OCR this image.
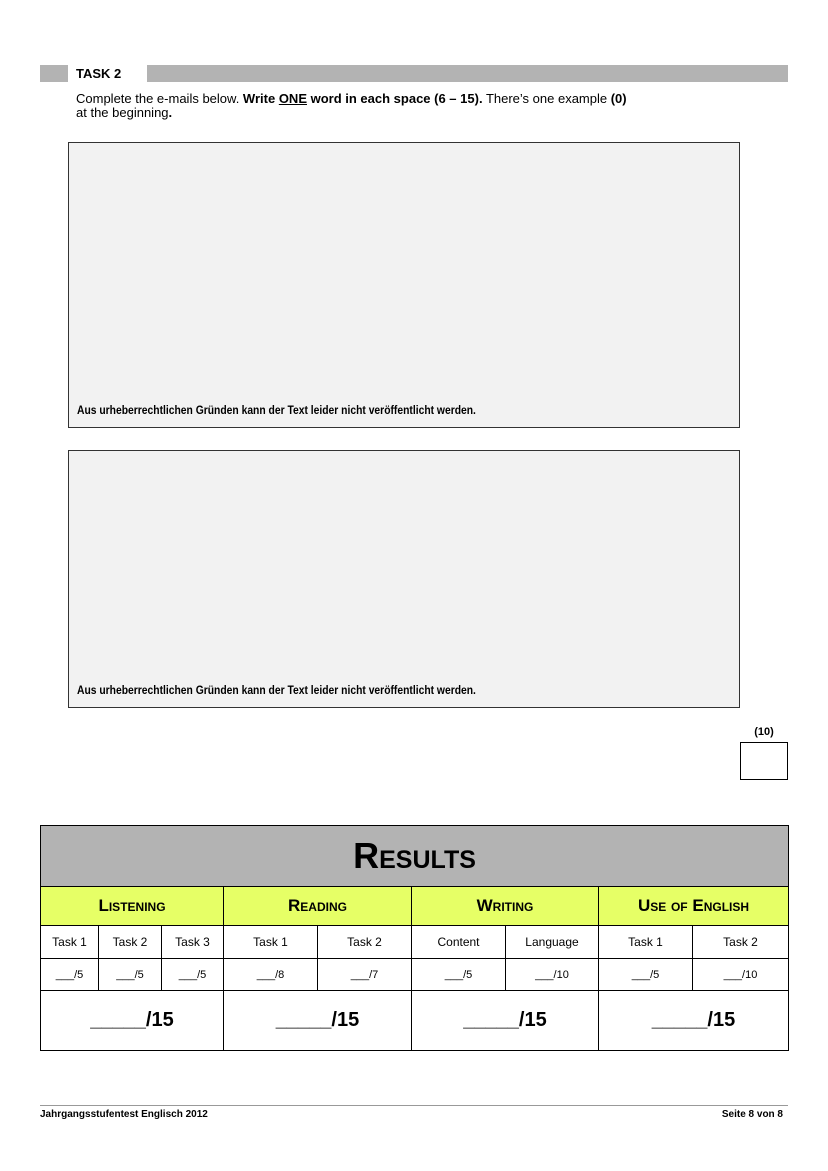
TASK 2
Complete the e-mails below. Write ONE word in each space (6 – 15). There’s one example (0)
at the beginning.
Aus urheberrechtlichen Gründen kann der Text leider nicht veröffentlicht werden.
Aus urheberrechtlichen Gründen kann der Text leider nicht veröffentlicht werden.
(10)
Results								
Listening			Reading		Writing		Use of English	
Task 1	Task 2	Task 3	Task 1	Task 2	Content	Language	Task 1	Task 2
___/5	___/5	___/5	___/8	___/7	___/5	___/10	___/5	___/10
_____/15			_____/15		_____/15		_____/15	
Jahrgangsstufentest Englisch 2012	Seite 8 von 8
